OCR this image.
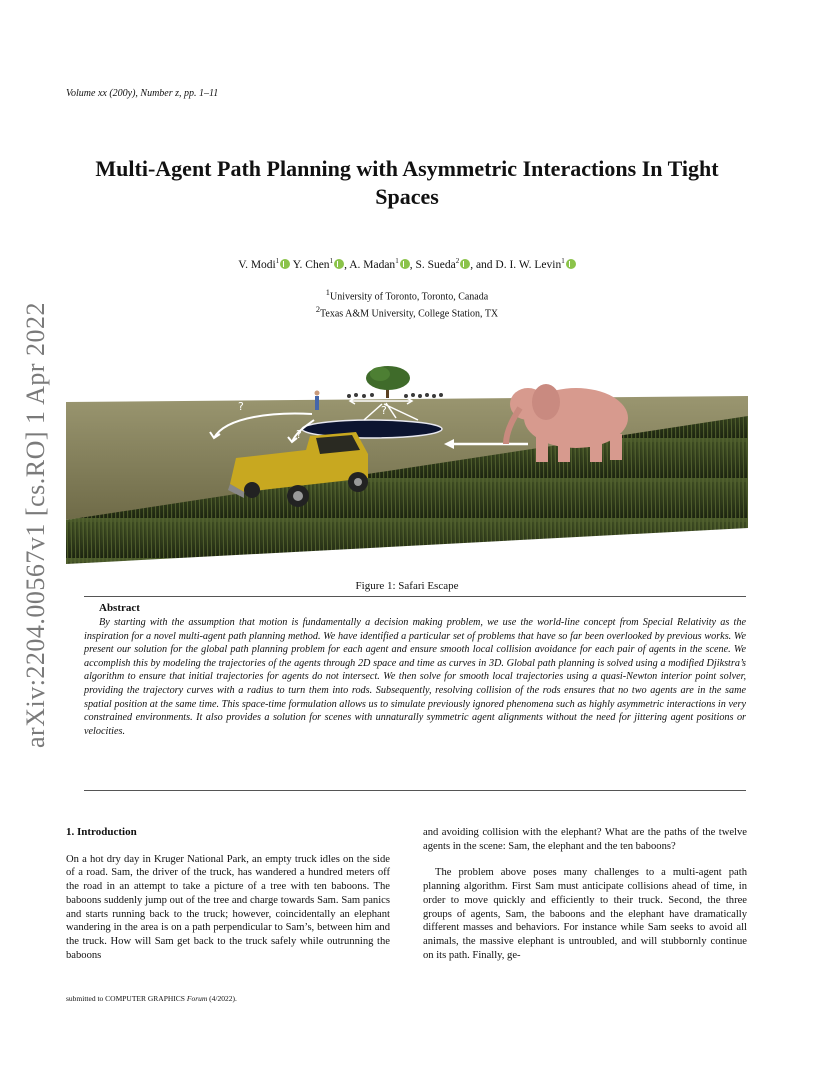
Volume xx (200y), Number z, pp. 1–11
arXiv:2204.00567v1 [cs.RO] 1 Apr 2022
Multi-Agent Path Planning with Asymmetric Interactions In Tight Spaces
V. Modi$^1$ Y. Chen$^1$ , A. Madan$^1$ , S. Sueda$^2$ , and D. I. W. Levin$^1$
$^1$University of Toronto, Toronto, Canada
$^2$Texas A&M University, College Station, TX
?
?
?
Figure 1: Safari Escape
Abstract
By starting with the assumption that motion is fundamentally a decision making problem, we use the world-line concept from Special Relativity as the inspiration for a novel multi-agent path planning method. We have identified a particular set of problems that have so far been overlooked by previous works. We present our solution for the global path planning problem for each agent and ensure smooth local collision avoidance for each pair of agents in the scene. We accomplish this by modeling the trajectories of the agents through 2D space and time as curves in 3D. Global path planning is solved using a modified Djikstra’s algorithm to ensure that initial trajectories for agents do not intersect. We then solve for smooth local trajectories using a quasi-Newton interior point solver, providing the trajectory curves with a radius to turn them into rods. Subsequently, resolving collision of the rods ensures that no two agents are in the same spatial position at the same time. This space-time formulation allows us to simulate previously ignored phenomena such as highly asymmetric interactions in very constrained environments. It also provides a solution for scenes with unnaturally symmetric agent alignments without the need for jittering agent positions or velocities.
1. Introduction
On a hot dry day in Kruger National Park, an empty truck idles on the side of a road. Sam, the driver of the truck, has wandered a hundred meters off the road in an attempt to take a picture of a tree with ten baboons. The baboons suddenly jump out of the tree and charge towards Sam. Sam panics and starts running back to the truck; however, coincidentally an elephant wandering in the area is on a path perpendicular to Sam’s, between him and the truck. How will Sam get back to the truck safely while outrunning the baboons
and avoiding collision with the elephant? What are the paths of the twelve agents in the scene: Sam, the elephant and the ten baboons?
The problem above poses many challenges to a multi-agent path planning algorithm. First Sam must anticipate collisions ahead of time, in order to move quickly and efficiently to their truck. Second, the three groups of agents, Sam, the baboons and the elephant have dramatically different masses and behaviors. For instance while Sam seeks to avoid all animals, the massive elephant is untroubled, and will stubbornly continue on its path. Finally, ge-
submitted to COMPUTER GRAPHICS Forum (4/2022).
